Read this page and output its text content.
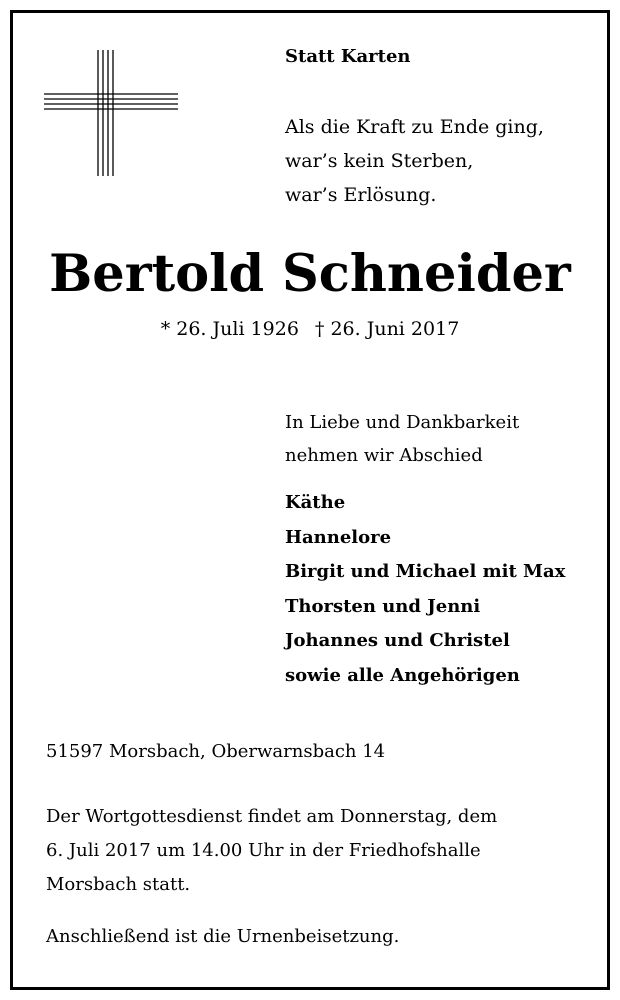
Statt Karten

Als die Kraft zu Ende ging,
war’s kein Sterben,
war’s Erlösung.
Bertold Schneider
* 26. Juli 1926 † 26. Juni 2017
In Liebe und Dankbarkeit
nehmen wir Abschied
Käthe
Hannelore
Birgit und Michael mit Max
Thorsten und Jenni
Johannes und Christel
sowie alle Angehörigen

51597 Morsbach, Oberwarnsbach 14

Der Wortgottesdienst findet am Donnerstag, dem
6. Juli 2017 um 14.00 Uhr in der Friedhofshalle
Morsbach statt.

Anschließend ist die Urnenbeisetzung.
